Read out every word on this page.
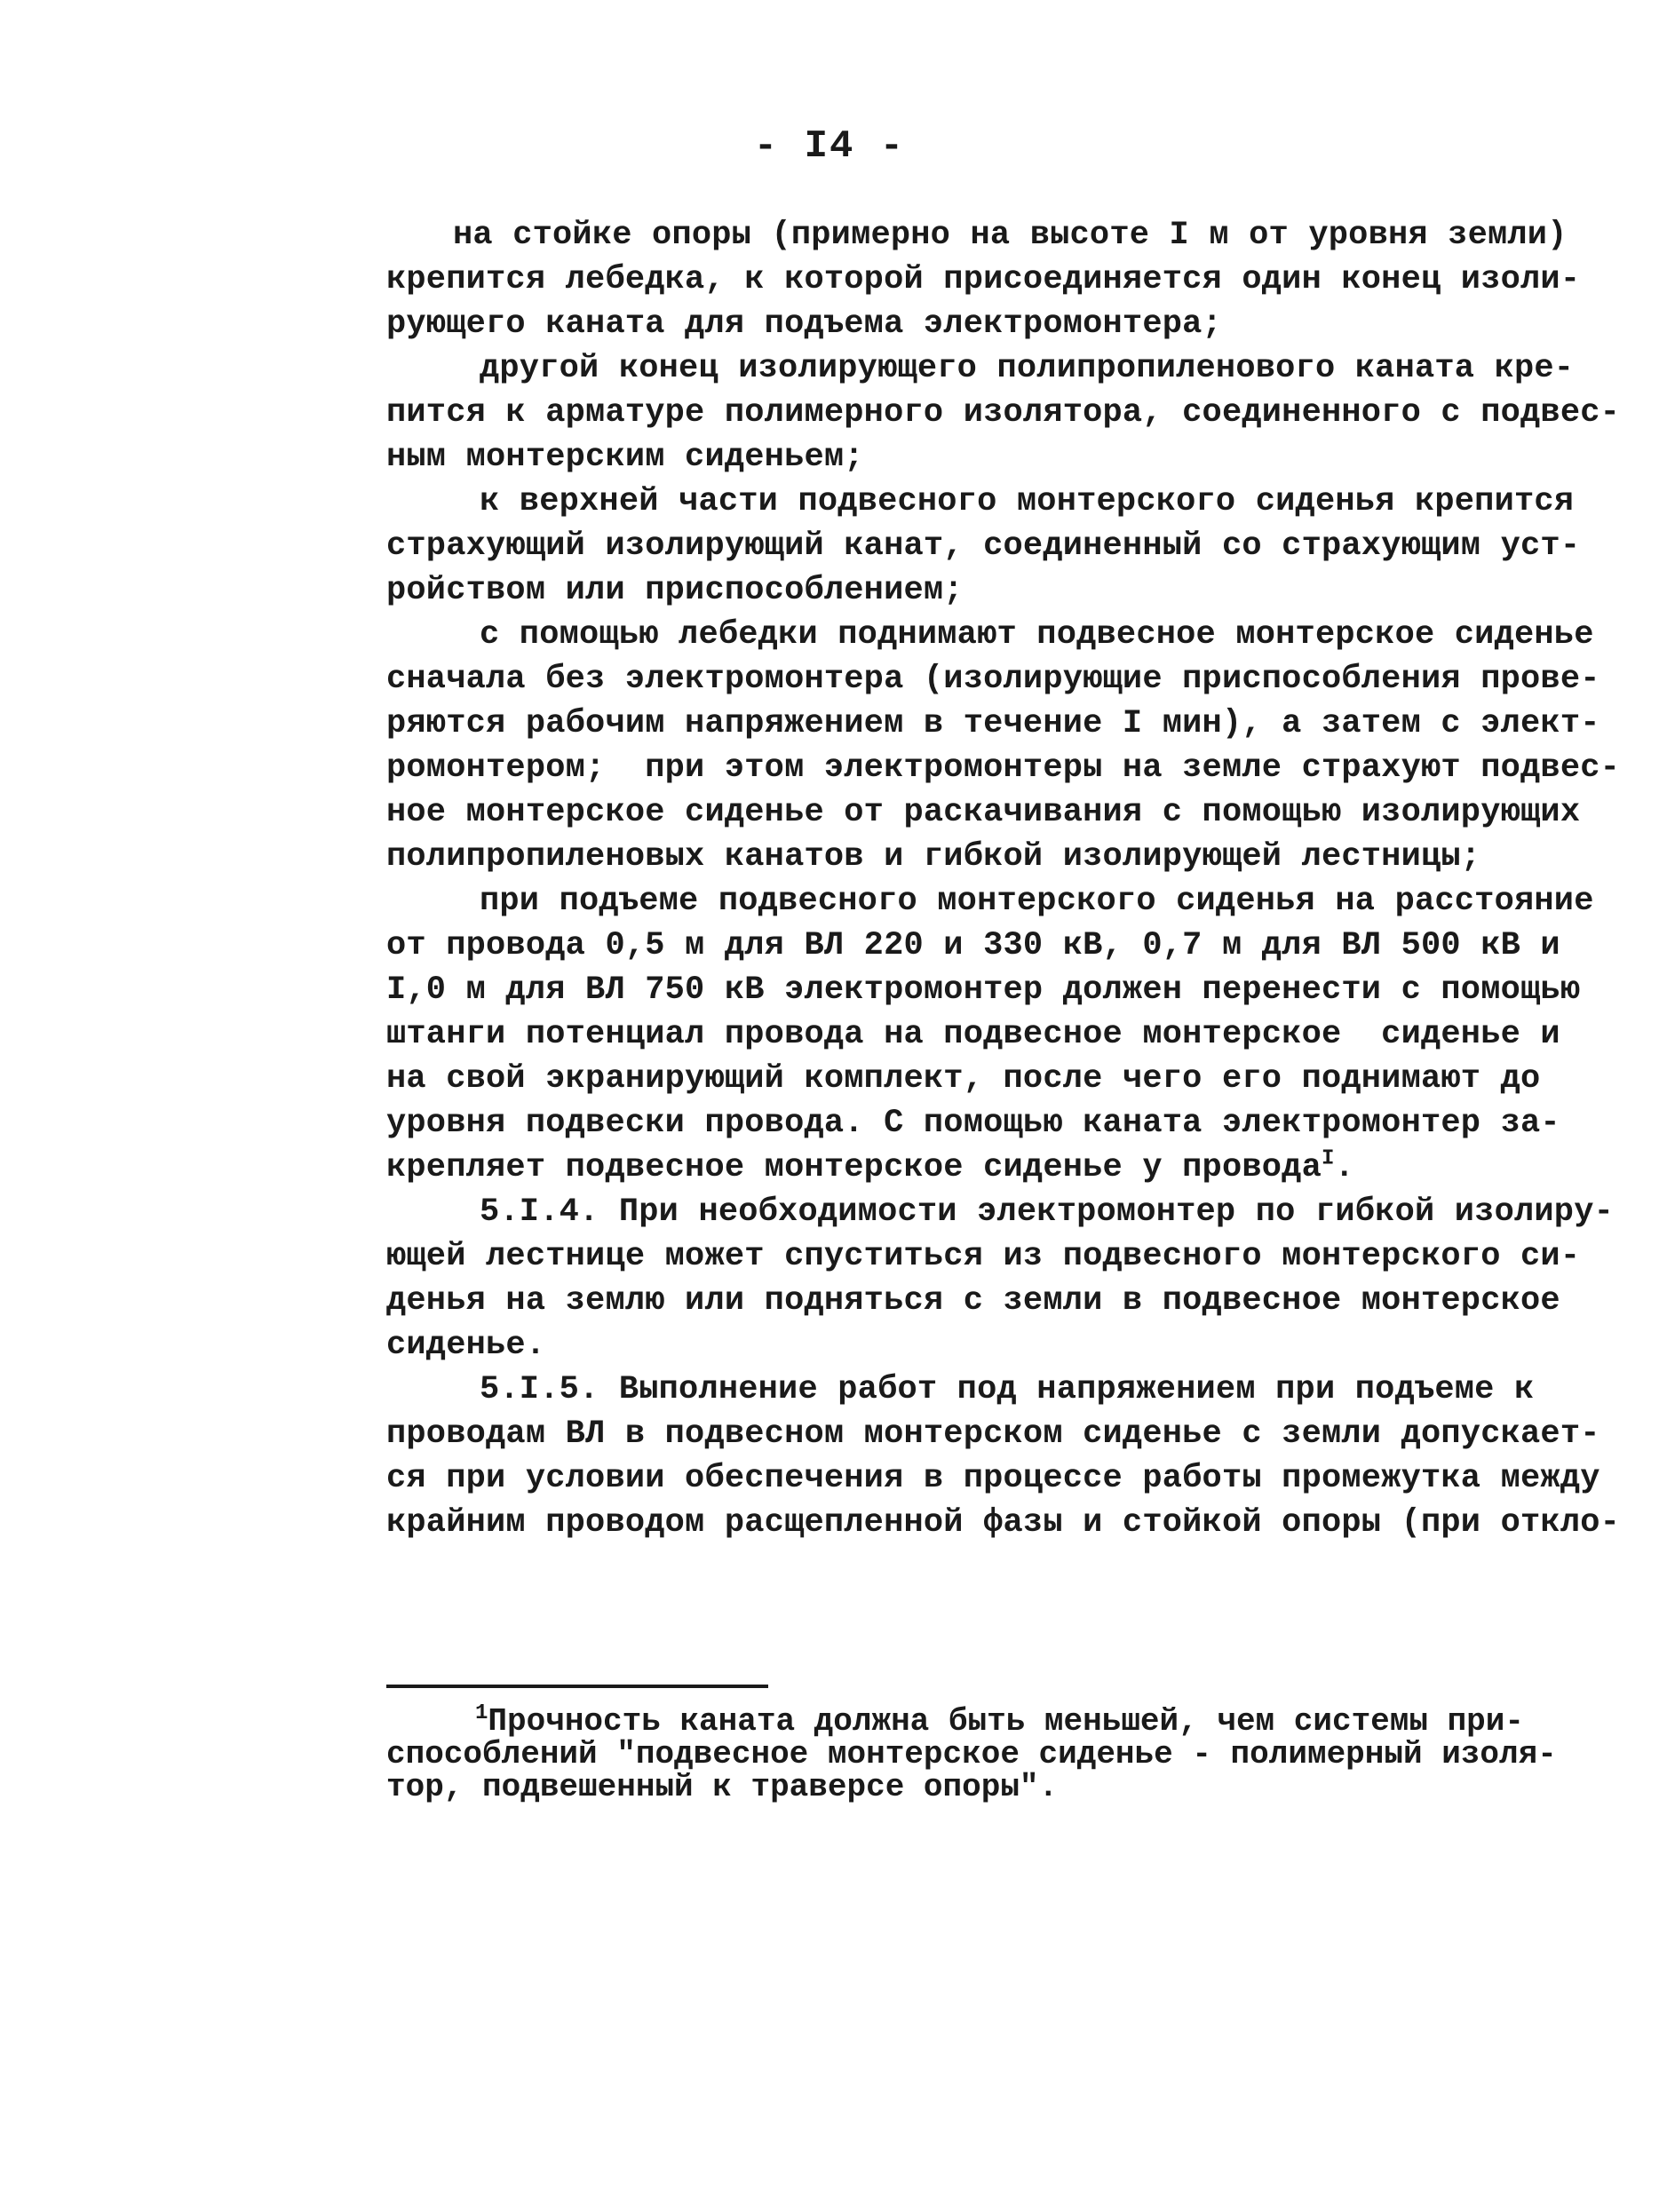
- I4 -
на стойке опоры (примерно на высоте I м от уровня земли)
крепится лебедка, к которой присоединяется один конец изоли-
рующего каната для подъема электромонтера;
другой конец изолирующего полипропиленового каната кре-
пится к арматуре полимерного изолятора, соединенного с подвес-
ным монтерским сиденьем;
к верхней части подвесного монтерского сиденья крепится
страхующий изолирующий канат, соединенный со страхующим уст-
ройством или приспособлением;
с помощью лебедки поднимают подвесное монтерское сиденье
сначала без электромонтера (изолирующие приспособления прове-
ряются рабочим напряжением в течение I мин), а затем с элект-
ромонтером;  при этом электромонтеры на земле страхуют подвес-
ное монтерское сиденье от раскачивания с помощью изолирующих
полипропиленовых канатов и гибкой изолирующей лестницы;
при подъеме подвесного монтерского сиденья на расстояние
от провода 0,5 м для ВЛ 220 и 330 кВ, 0,7 м для ВЛ 500 кВ и
I,0 м для ВЛ 750 кВ электромонтер должен перенести с помощью
штанги потенциал провода на подвесное монтерское  сиденье и
на свой экранирующий комплект, после чего его поднимают до
уровня подвески провода. С помощью каната электромонтер за-
крепляет подвесное монтерское сиденье у провода$^I$.
5.I.4. При необходимости электромонтер по гибкой изолиру-
ющей лестнице может спуститься из подвесного монтерского си-
денья на землю или подняться с земли в подвесное монтерское
сиденье.
5.I.5. Выполнение работ под напряжением при подъеме к
проводам ВЛ в подвесном монтерском сиденье с земли допускает-
ся при условии обеспечения в процессе работы промежутка между
крайним проводом расщепленной фазы и стойкой опоры (при откло-
$^1$Прочность каната должна быть меньшей, чем системы при-
способлений "подвесное монтерское сиденье - полимерный изоля-
тор, подвешенный к траверсе опоры".
